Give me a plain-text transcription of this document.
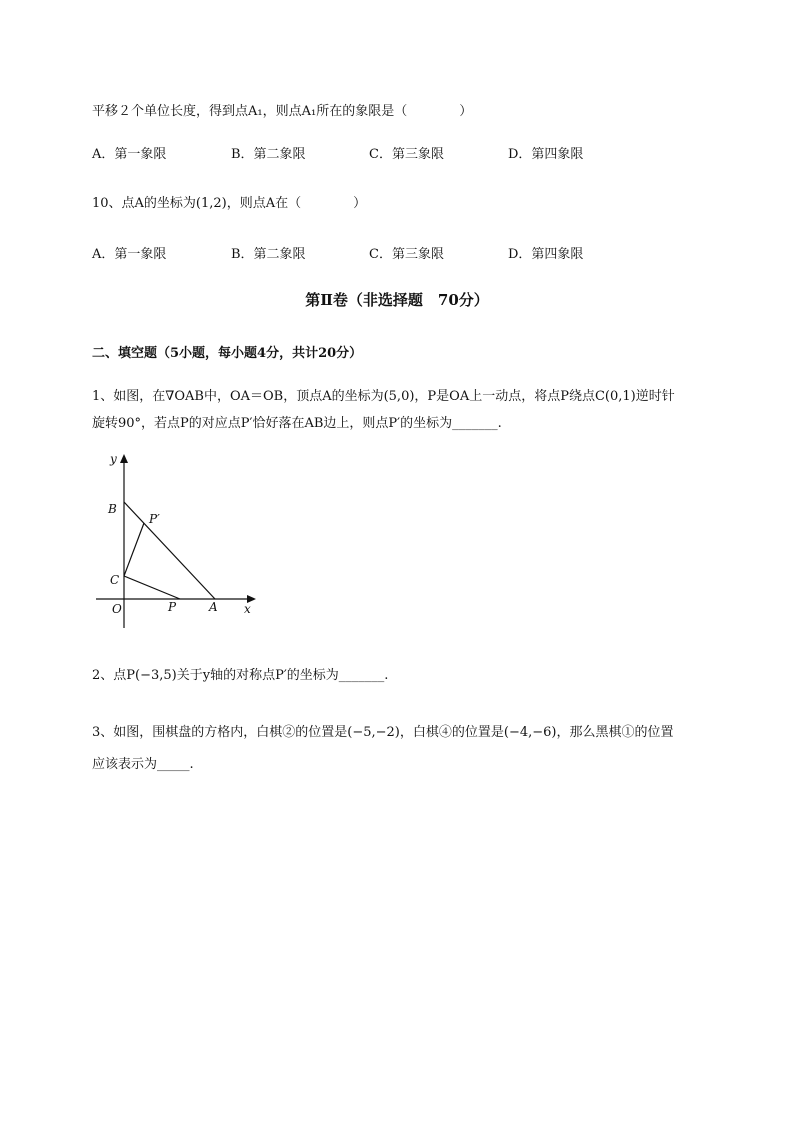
平移２个单位长度，得到点A₁，则点A₁所在的象限是（　　　　）
A．第一象限	B．第二象限	C．第三象限	D．第四象限
10、点A的坐标为(1,2)，则点A在（　　　　）
A．第一象限	B．第二象限	C．第三象限	D．第四象限
第Ⅱ卷（非选择题　70分）
二、填空题（5小题，每小题4分，共计20分）
1、如图，在∇OAB中，OA＝OB，顶点A的坐标为(5,0)，P是OA上一动点，将点P绕点C(0,1)逆时针
旋转90°，若点P的对应点P′恰好落在AB边上，则点P′的坐标为_______.
y
x
B
P′
C
O	P	A
2、点P(−3,5)关于y轴的对称点P′的坐标为_______.
3、如图，围棋盘的方格内，白棋②的位置是(−5,−2)，白棋④的位置是(−4,−6)，那么黑棋①的位置
应该表示为_____.
